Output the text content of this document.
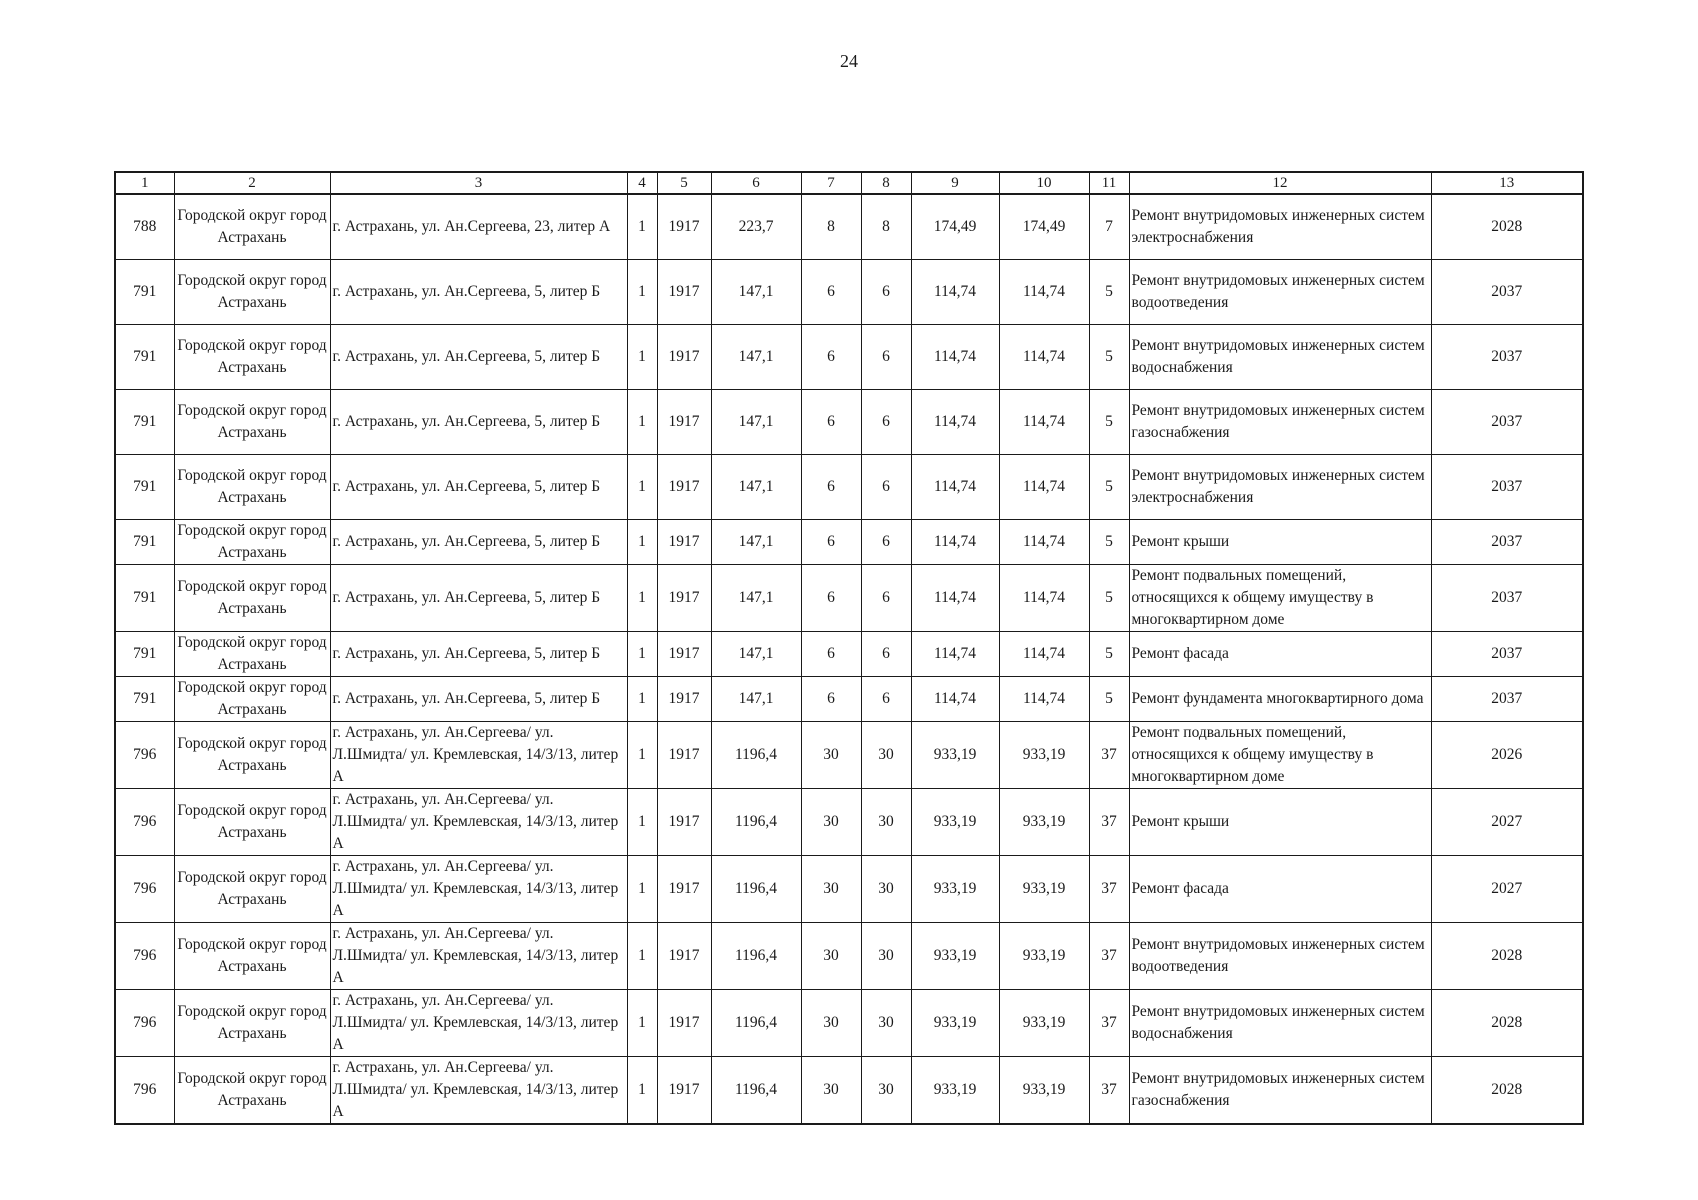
24
1	2	3	4	5	6	7	8	9	10	11	12	13
788	Городской округ город Астрахань	г. Астрахань, ул. Ан.Сергеева, 23, литер А	1	1917	223,7	8	8	174,49	174,49	7	Ремонт внутридомовых инженерных систем электроснабжения	2028
791	Городской округ город Астрахань	г. Астрахань, ул. Ан.Сергеева, 5, литер Б	1	1917	147,1	6	6	114,74	114,74	5	Ремонт внутридомовых инженерных систем водоотведения	2037
791	Городской округ город Астрахань	г. Астрахань, ул. Ан.Сергеева, 5, литер Б	1	1917	147,1	6	6	114,74	114,74	5	Ремонт внутридомовых инженерных систем водоснабжения	2037
791	Городской округ город Астрахань	г. Астрахань, ул. Ан.Сергеева, 5, литер Б	1	1917	147,1	6	6	114,74	114,74	5	Ремонт внутридомовых инженерных систем газоснабжения	2037
791	Городской округ город Астрахань	г. Астрахань, ул. Ан.Сергеева, 5, литер Б	1	1917	147,1	6	6	114,74	114,74	5	Ремонт внутридомовых инженерных систем электроснабжения	2037
791	Городской округ город Астрахань	г. Астрахань, ул. Ан.Сергеева, 5, литер Б	1	1917	147,1	6	6	114,74	114,74	5	Ремонт крыши	2037
791	Городской округ город Астрахань	г. Астрахань, ул. Ан.Сергеева, 5, литер Б	1	1917	147,1	6	6	114,74	114,74	5	Ремонт подвальных помещений, относящихся к общему имуществу в многоквартирном доме	2037
791	Городской округ город Астрахань	г. Астрахань, ул. Ан.Сергеева, 5, литер Б	1	1917	147,1	6	6	114,74	114,74	5	Ремонт фасада	2037
791	Городской округ город Астрахань	г. Астрахань, ул. Ан.Сергеева, 5, литер Б	1	1917	147,1	6	6	114,74	114,74	5	Ремонт фундамента многоквартирного дома	2037
796	Городской округ город Астрахань	г. Астрахань, ул. Ан.Сергеева/ ул. Л.Шмидта/ ул. Кремлевская, 14/3/13, литер А	1	1917	1196,4	30	30	933,19	933,19	37	Ремонт подвальных помещений, относящихся к общему имуществу в многоквартирном доме	2026
796	Городской округ город Астрахань	г. Астрахань, ул. Ан.Сергеева/ ул. Л.Шмидта/ ул. Кремлевская, 14/3/13, литер А	1	1917	1196,4	30	30	933,19	933,19	37	Ремонт крыши	2027
796	Городской округ город Астрахань	г. Астрахань, ул. Ан.Сергеева/ ул. Л.Шмидта/ ул. Кремлевская, 14/3/13, литер А	1	1917	1196,4	30	30	933,19	933,19	37	Ремонт фасада	2027
796	Городской округ город Астрахань	г. Астрахань, ул. Ан.Сергеева/ ул. Л.Шмидта/ ул. Кремлевская, 14/3/13, литер А	1	1917	1196,4	30	30	933,19	933,19	37	Ремонт внутридомовых инженерных систем водоотведения	2028
796	Городской округ город Астрахань	г. Астрахань, ул. Ан.Сергеева/ ул. Л.Шмидта/ ул. Кремлевская, 14/3/13, литер А	1	1917	1196,4	30	30	933,19	933,19	37	Ремонт внутридомовых инженерных систем водоснабжения	2028
796	Городской округ город Астрахань	г. Астрахань, ул. Ан.Сергеева/ ул. Л.Шмидта/ ул. Кремлевская, 14/3/13, литер А	1	1917	1196,4	30	30	933,19	933,19	37	Ремонт внутридомовых инженерных систем газоснабжения	2028
